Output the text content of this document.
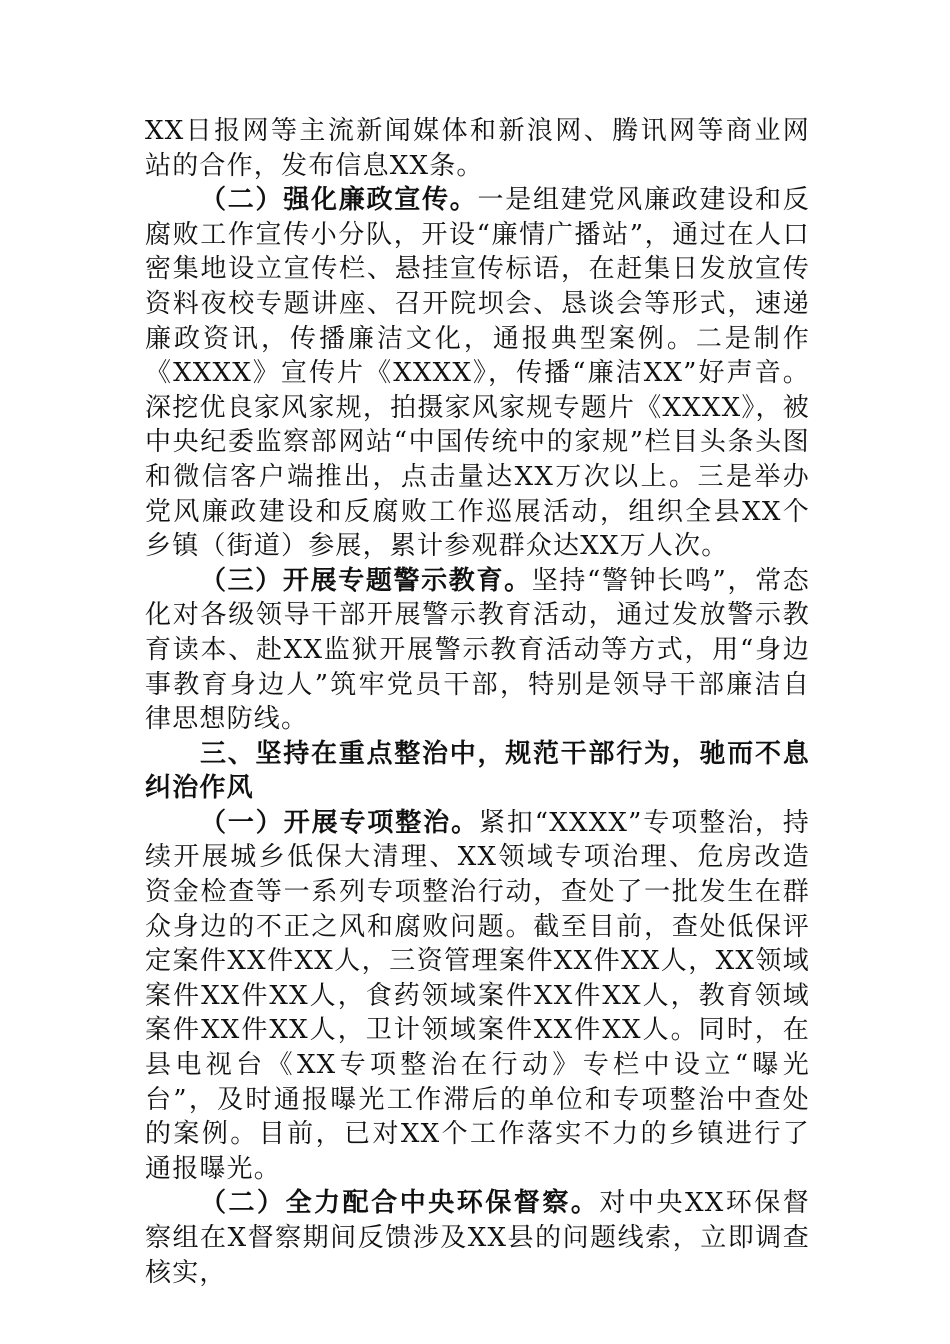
XX日报网等主流新闻媒体和新浪网、腾讯网等商业网站的合作，发布信息XX条。

（二）强化廉政宣传。一是组建党风廉政建设和反腐败工作宣传小分队，开设“廉情广播站”，通过在人口密集地设立宣传栏、悬挂宣传标语，在赶集日发放宣传资料夜校专题讲座、召开院坝会、恳谈会等形式，速递廉政资讯，传播廉洁文化，通报典型案例。二是制作《XXXX》宣传片《XXXX》，传播“廉洁XX”好声音。深挖优良家风家规，拍摄家风家规专题片《XXXX》，被中央纪委监察部网站“中国传统中的家规”栏目头条头图和微信客户端推出，点击量达XX万次以上。三是举办党风廉政建设和反腐败工作巡展活动，组织全县XX个乡镇（街道）参展，累计参观群众达XX万人次。

（三）开展专题警示教育。坚持“警钟长鸣”，常态化对各级领导干部开展警示教育活动，通过发放警示教育读本、赴XX监狱开展警示教育活动等方式，用“身边事教育身边人”筑牢党员干部，特别是领导干部廉洁自律思想防线。

三、坚持在重点整治中，规范干部行为，驰而不息纠治作风

（一）开展专项整治。紧扣“XXXX”专项整治，持续开展城乡低保大清理、XX领域专项治理、危房改造资金检查等一系列专项整治行动，查处了一批发生在群众身边的不正之风和腐败问题。截至目前，查处低保评定案件XX件XX人，三资管理案件XX件XX人，XX领域案件XX件XX人，食药领域案件XX件XX人，教育领域案件XX件XX人，卫计领域案件XX件XX人。同时，在县电视台《XX专项整治在行动》专栏中设立“曝光台”，及时通报曝光工作滞后的单位和专项整治中查处的案例。目前，已对XX个工作落实不力的乡镇进行了通报曝光。

（二）全力配合中央环保督察。对中央XX环保督察组在X督察期间反馈涉及XX县的问题线索，立即调查核实，
